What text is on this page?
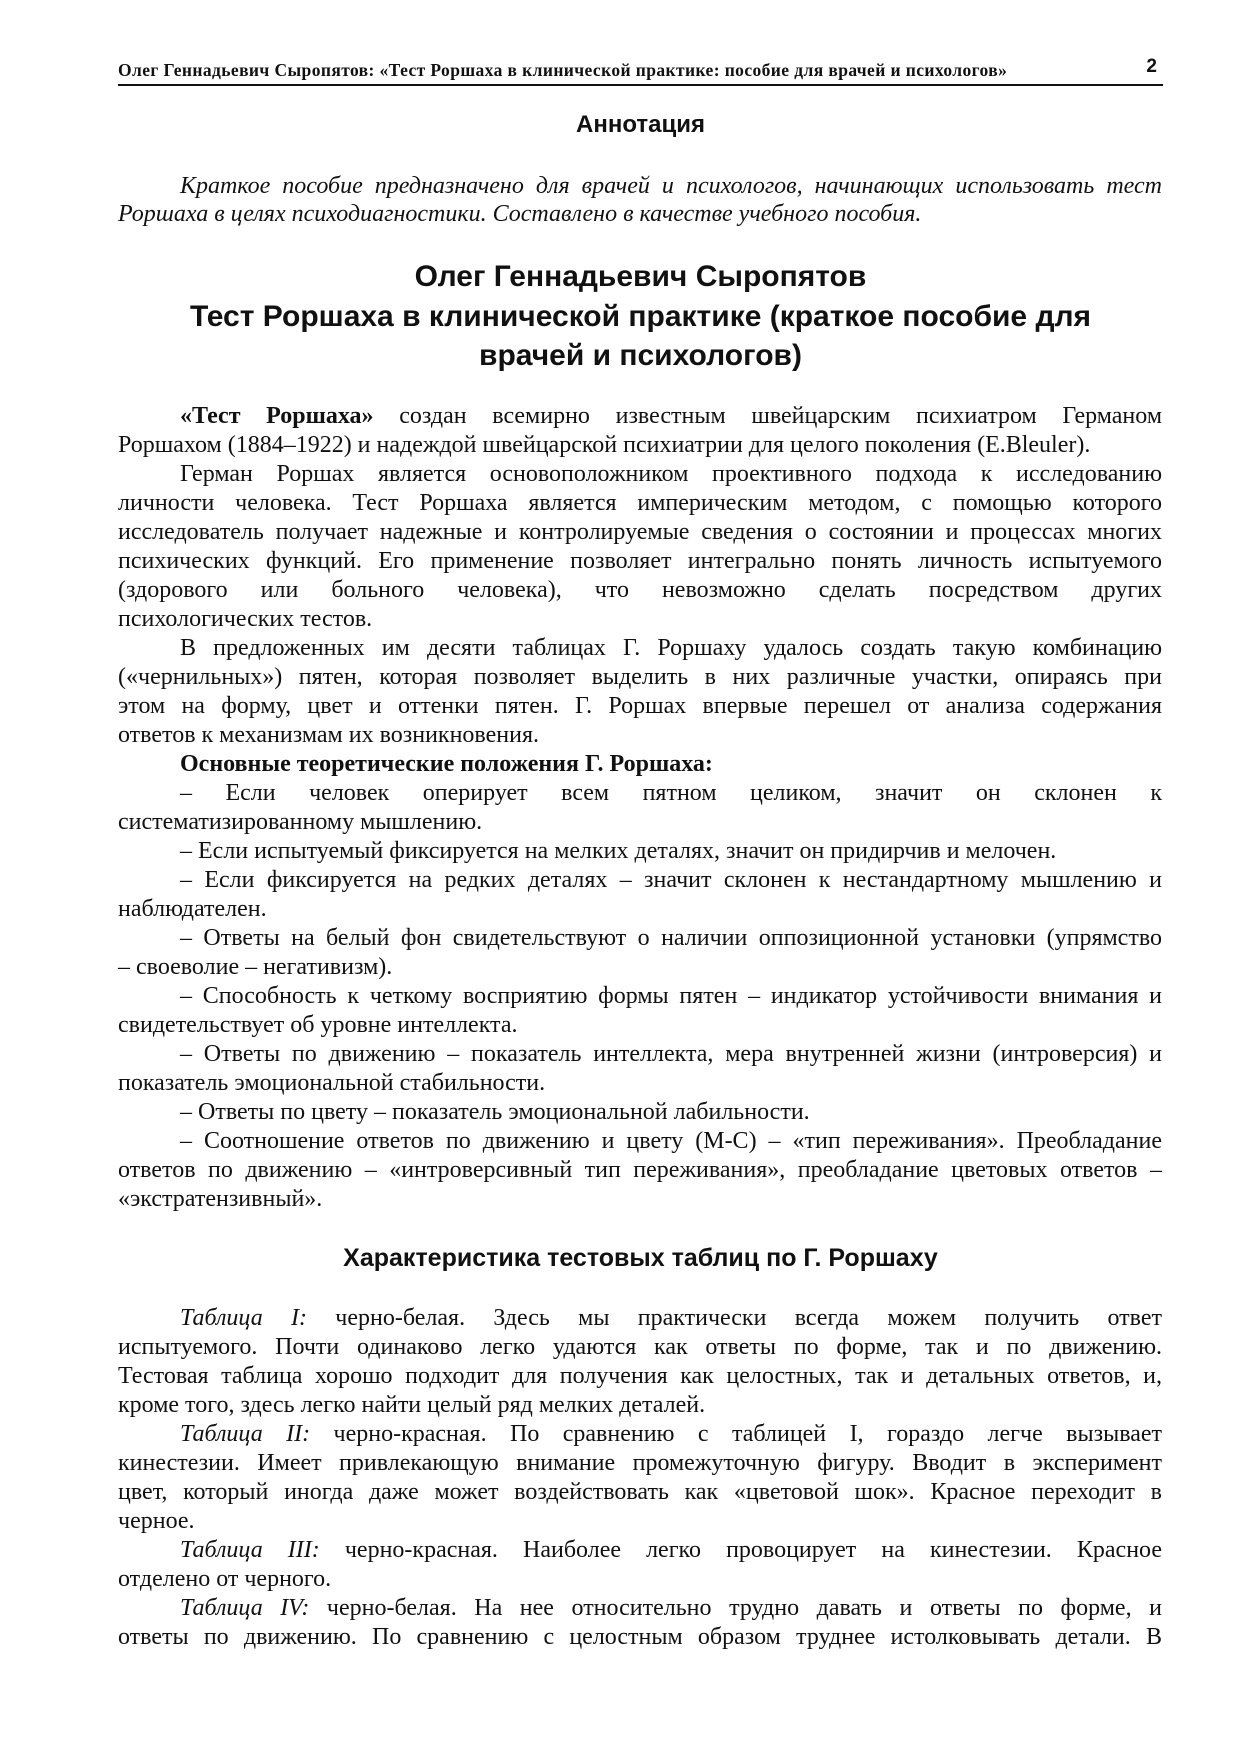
Олег Геннадьевич Сыропятов: «Тест Роршаха в клинической практике: пособие для врачей и психологов»	2
Аннотация
Краткое пособие предназначено для врачей и психологов, начинающих использовать тест
Роршаха в целях психодиагностики. Составлено в качестве учебного пособия.
Олег Геннадьевич Сыропятов
Тест Роршаха в клинической практике (краткое пособие для
врачей и психологов)
«Тест Роршаха» создан всемирно известным швейцарским психиатром Германом
Роршахом (1884–1922) и надеждой швейцарской психиатрии для целого поколения (E.Bleuler).
Герман Роршах является основоположником проективного подхода к исследованию
личности человека. Тест Роршаха является империческим методом, с помощью которого
исследователь получает надежные и контролируемые сведения о состоянии и процессах многих
психических функций. Его применение позволяет интегрально понять личность испытуемого
(здорового или больного человека), что невозможно сделать посредством других
психологических тестов.
В предложенных им десяти таблицах Г. Роршаху удалось создать такую комбинацию
(«чернильных») пятен, которая позволяет выделить в них различные участки, опираясь при
этом на форму, цвет и оттенки пятен. Г. Роршах впервые перешел от анализа содержания
ответов к механизмам их возникновения.
Основные теоретические положения Г. Роршаха:
– Если человек оперирует всем пятном целиком, значит он склонен к
систематизированному мышлению.
– Если испытуемый фиксируется на мелких деталях, значит он придирчив и мелочен.
– Если фиксируется на редких деталях – значит склонен к нестандартному мышлению и
наблюдателен.
– Ответы на белый фон свидетельствуют о наличии оппозиционной установки (упрямство
– своеволие – негативизм).
– Способность к четкому восприятию формы пятен – индикатор устойчивости внимания и
свидетельствует об уровне интеллекта.
– Ответы по движению – показатель интеллекта, мера внутренней жизни (интроверсия) и
показатель эмоциональной стабильности.
– Ответы по цвету – показатель эмоциональной лабильности.
– Соотношение ответов по движению и цвету (М-С) – «тип переживания». Преобладание
ответов по движению – «интроверсивный тип переживания», преобладание цветовых ответов –
«экстратензивный».
Характеристика тестовых таблиц по Г. Роршаху
Таблица I: черно-белая. Здесь мы практически всегда можем получить ответ
испытуемого. Почти одинаково легко удаются как ответы по форме, так и по движению.
Тестовая таблица хорошо подходит для получения как целостных, так и детальных ответов, и,
кроме того, здесь легко найти целый ряд мелких деталей.
Таблица II: черно-красная. По сравнению с таблицей I, гораздо легче вызывает
кинестезии. Имеет привлекающую внимание промежуточную фигуру. Вводит в эксперимент
цвет, который иногда даже может воздействовать как «цветовой шок». Красное переходит в
черное.
Таблица III: черно-красная. Наиболее легко провоцирует на кинестезии. Красное
отделено от черного.
Таблица IV: черно-белая. На нее относительно трудно давать и ответы по форме, и
ответы по движению. По сравнению с целостным образом труднее истолковывать детали. В
